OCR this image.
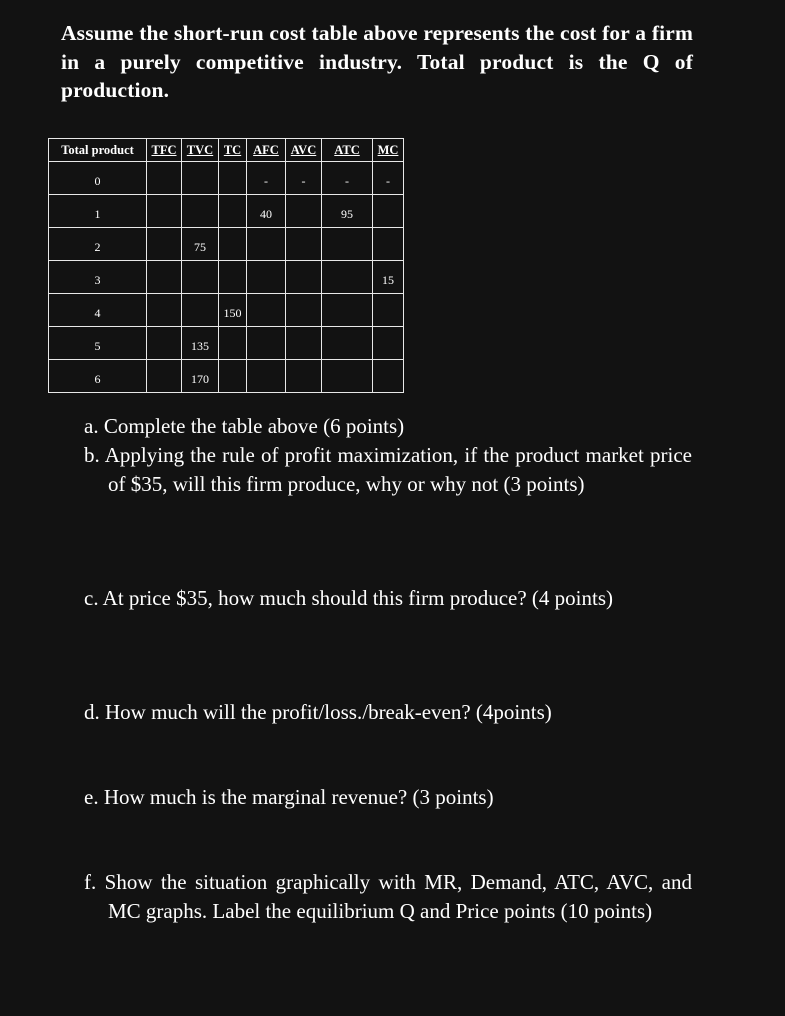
Assume the short-run cost table above represents the cost for a firm in a purely competitive industry. Total product is the Q of production.
Total product	TFC	TVC	TC	AFC	AVC	ATC	MC
0				-	-	-	-
1				40		95	
2		75					
3							15
4			150				
5		135					
6		170					
a. Complete the table above (6 points)
b. Applying the rule of profit maximization, if the product market price of $35, will this firm produce, why or why not (3 points)
c. At price $35, how much should this firm produce? (4 points)
d. How much will the profit/loss./break-even? (4points)
e. How much is the marginal revenue? (3 points)
f. Show the situation graphically with MR, Demand, ATC, AVC, and MC graphs. Label the equilibrium Q and Price points (10 points)
